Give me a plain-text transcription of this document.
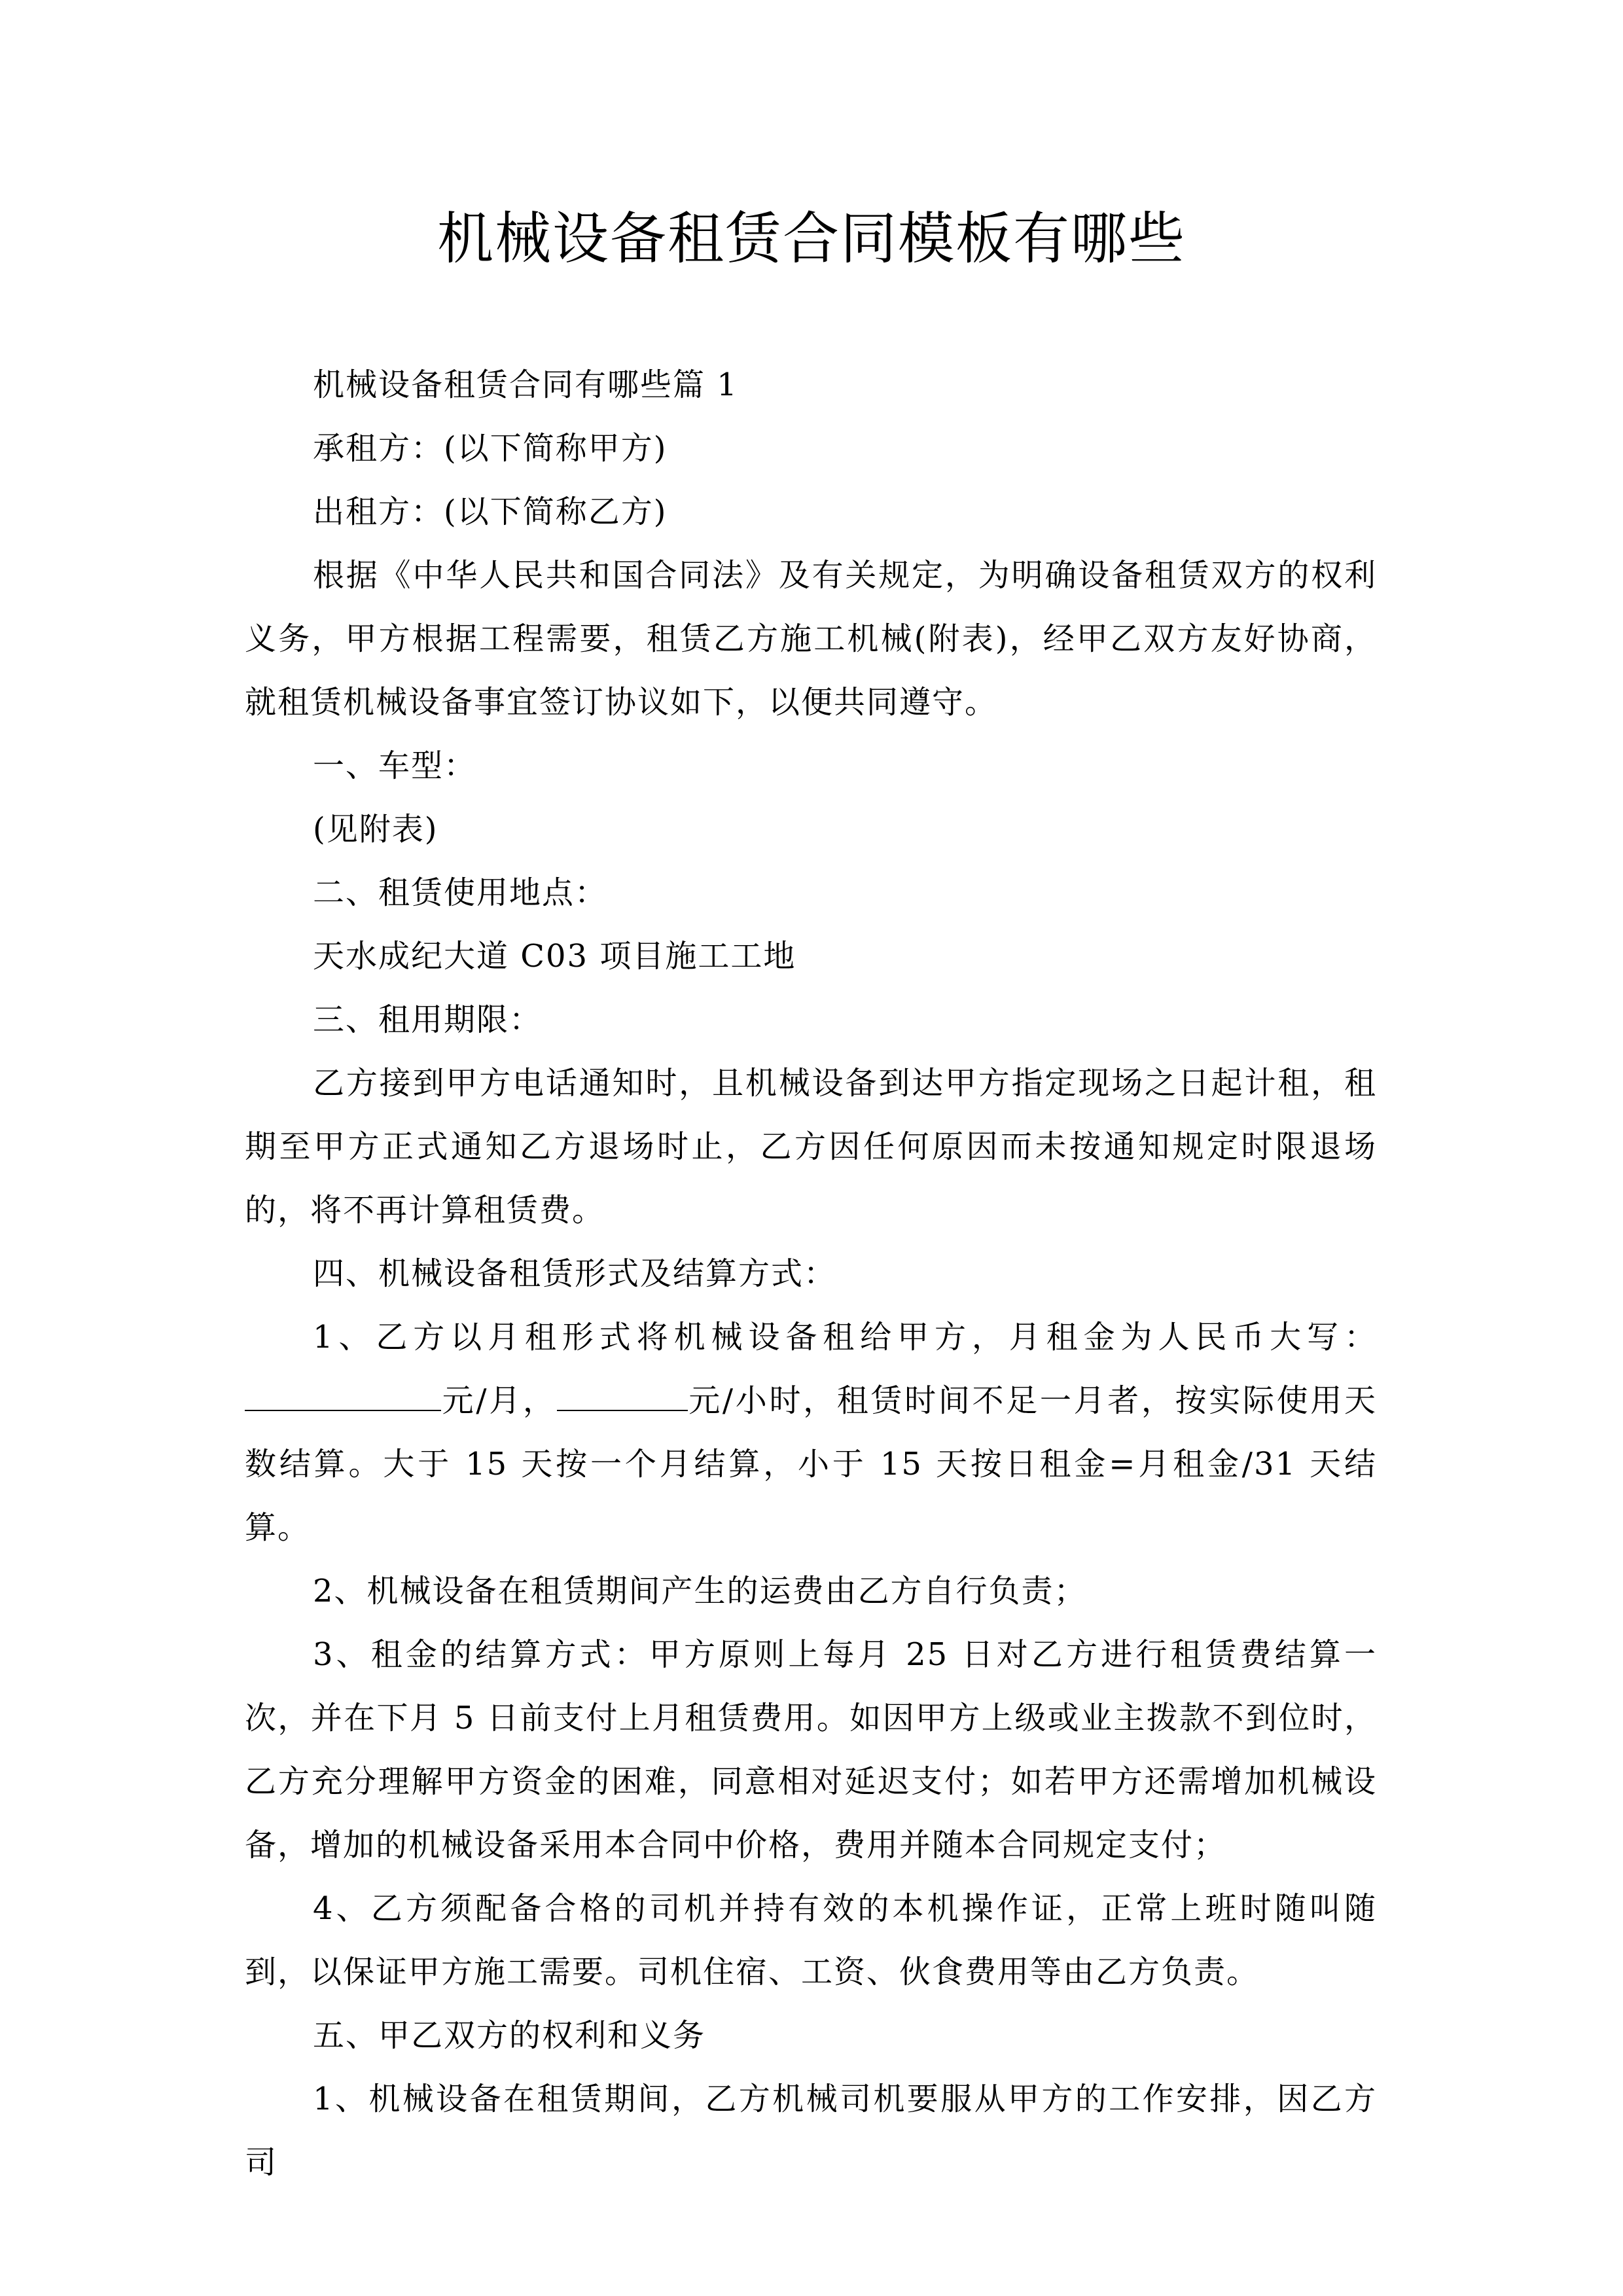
机械设备租赁合同模板有哪些

机械设备租赁合同有哪些篇 1

承租方：(以下简称甲方)

出租方：(以下简称乙方)

根据《中华人民共和国合同法》及有关规定，为明确设备租赁双方的权利义务，甲方根据工程需要，租赁乙方施工机械(附表)，经甲乙双方友好协商，就租赁机械设备事宜签订协议如下，以便共同遵守。

一、车型：

(见附表)

二、租赁使用地点：

天水成纪大道 C03 项目施工工地

三、租用期限：

乙方接到甲方电话通知时，且机械设备到达甲方指定现场之日起计租，租期至甲方正式通知乙方退场时止，乙方因任何原因而未按通知规定时限退场的，将不再计算租赁费。

四、机械设备租赁形式及结算方式：

1、乙方以月租形式将机械设备租给甲方，月租金为人民币大写：元/月，	元/小时，租赁时间不足一月者，按实际使用天数结算。大于 15 天按一个月结算，小于 15 天按日租金=月租金/31 天结算。

2、机械设备在租赁期间产生的运费由乙方自行负责；

3、租金的结算方式：甲方原则上每月 25 日对乙方进行租赁费结算一次，并在下月 5 日前支付上月租赁费用。如因甲方上级或业主拨款不到位时，乙方充分理解甲方资金的困难，同意相对延迟支付；如若甲方还需增加机械设备，增加的机械设备采用本合同中价格，费用并随本合同规定支付；

4、乙方须配备合格的司机并持有效的本机操作证，正常上班时随叫随到，以保证甲方施工需要。司机住宿、工资、伙食费用等由乙方负责。

五、甲乙双方的权利和义务

1、机械设备在租赁期间，乙方机械司机要服从甲方的工作安排，因乙方司
